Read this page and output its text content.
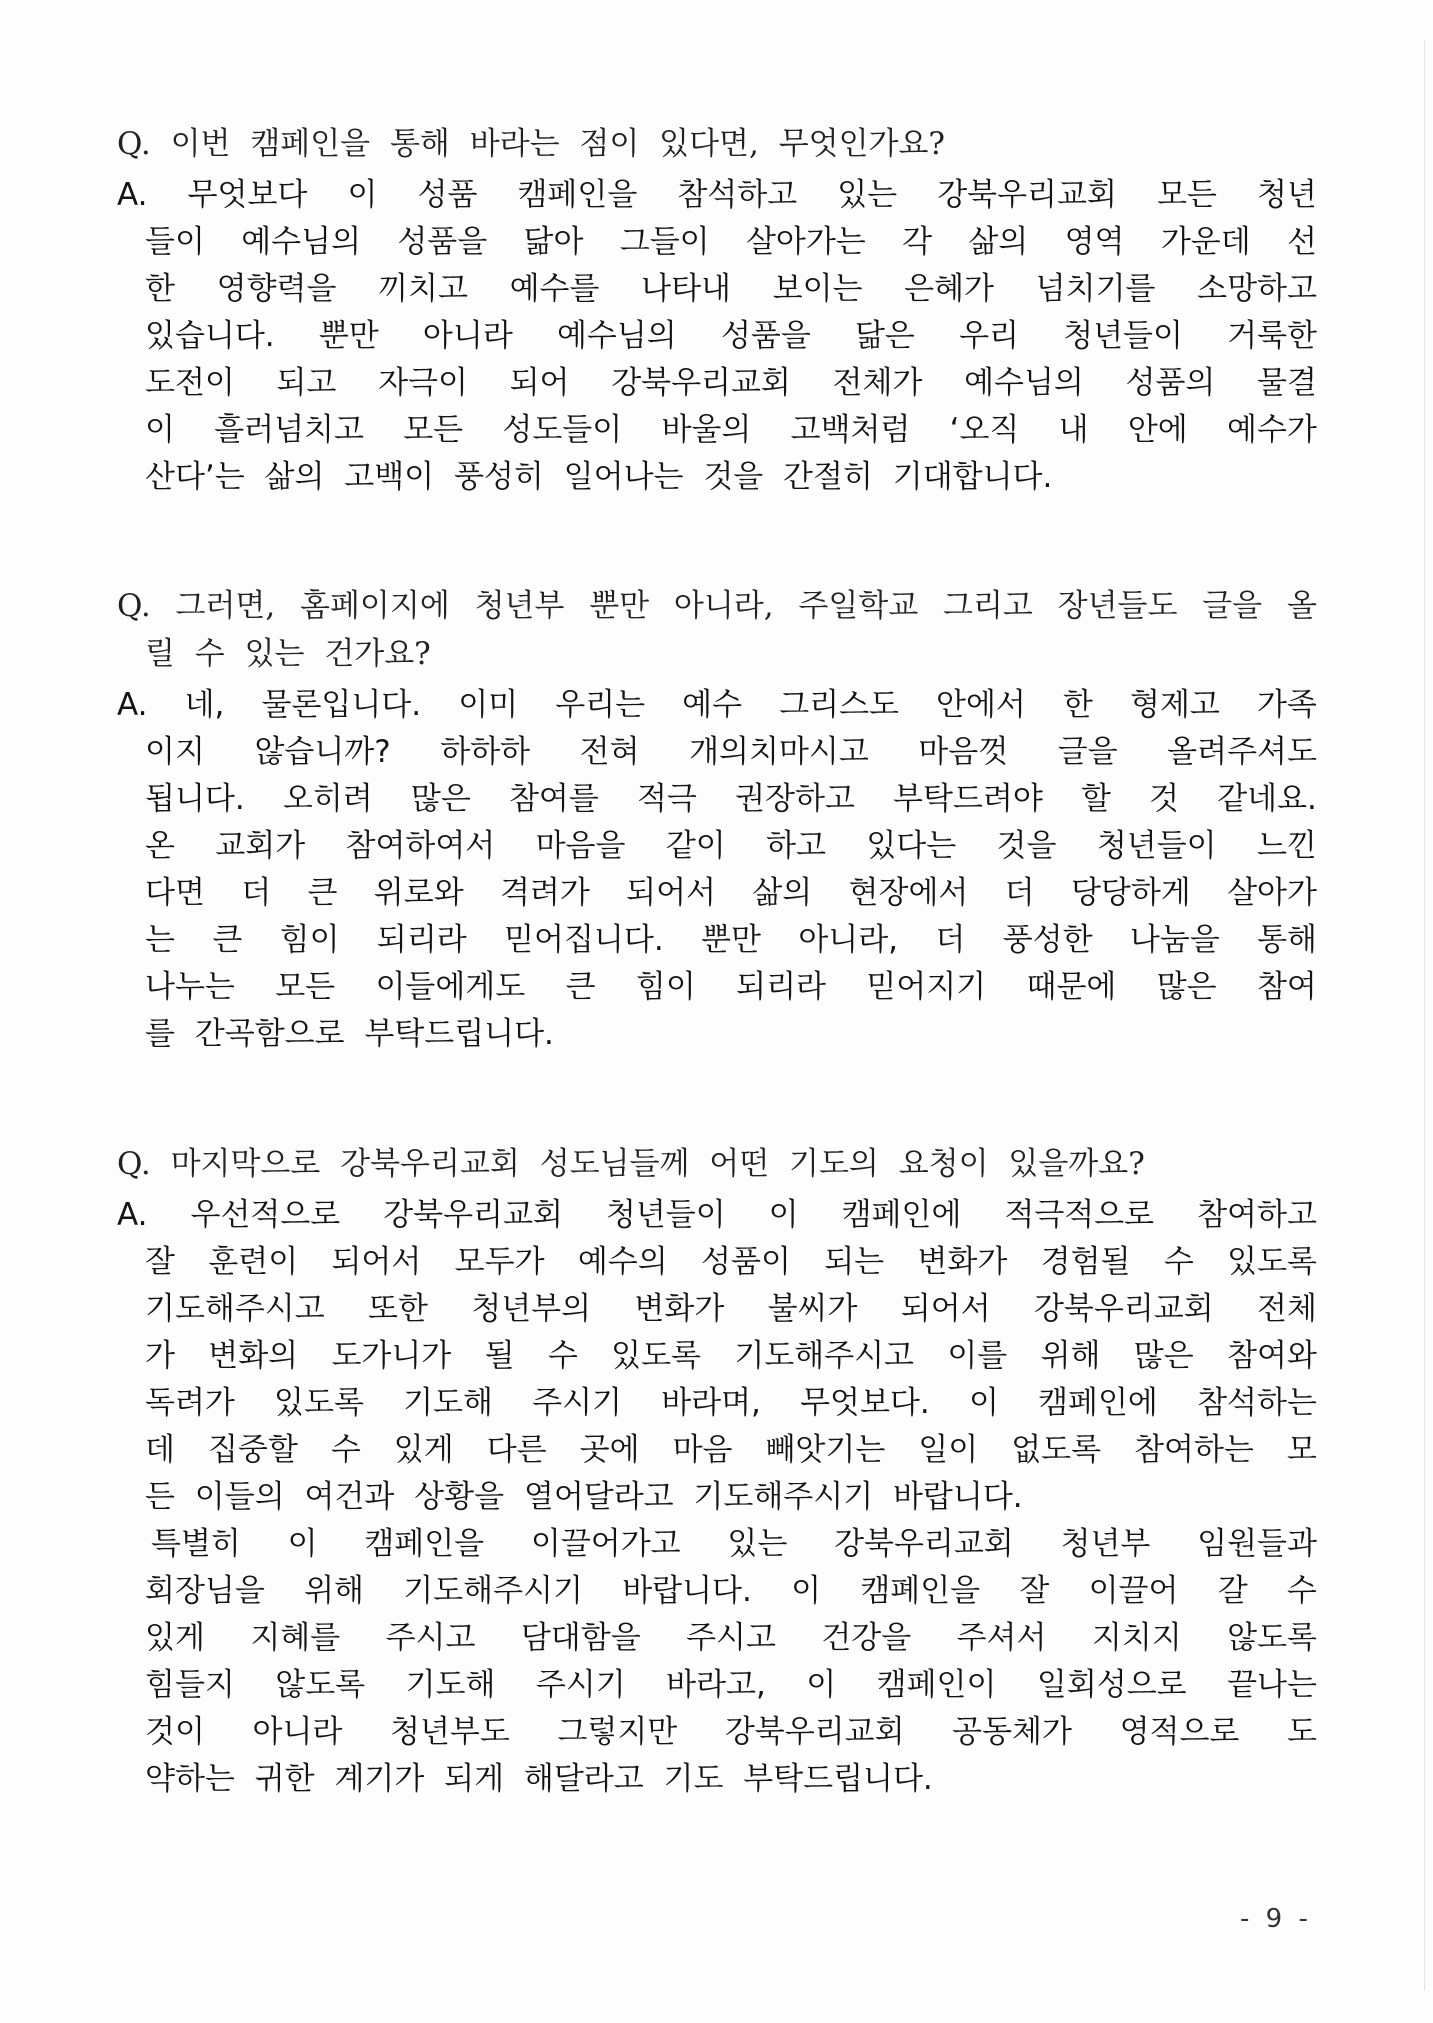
Q. 이번 캠페인을 통해 바라는 점이 있다면, 무엇인가요?
A. 무엇보다 이 성품 캠페인을 참석하고 있는 강북우리교회 모든 청년
들이 예수님의 성품을 닮아 그들이 살아가는 각 삶의 영역 가운데 선
한 영향력을 끼치고 예수를 나타내 보이는 은혜가 넘치기를 소망하고
있습니다. 뿐만 아니라 예수님의 성품을 닮은 우리 청년들이 거룩한
도전이 되고 자극이 되어 강북우리교회 전체가 예수님의 성품의 물결
이 흘러넘치고 모든 성도들이 바울의 고백처럼 ‘오직 내 안에 예수가
산다’는 삶의 고백이 풍성히 일어나는 것을 간절히 기대합니다.
Q. 그러면, 홈페이지에 청년부 뿐만 아니라, 주일학교 그리고 장년들도 글을 올
릴 수 있는 건가요?
A. 네, 물론입니다. 이미 우리는 예수 그리스도 안에서 한 형제고 가족
이지 않습니까? 하하하 전혀 개의치마시고 마음껏 글을 올려주셔도
됩니다. 오히려 많은 참여를 적극 권장하고 부탁드려야 할 것 같네요.
온 교회가 참여하여서 마음을 같이 하고 있다는 것을 청년들이 느낀
다면 더 큰 위로와 격려가 되어서 삶의 현장에서 더 당당하게 살아가
는 큰 힘이 되리라 믿어집니다. 뿐만 아니라, 더 풍성한 나눔을 통해
나누는 모든 이들에게도 큰 힘이 되리라 믿어지기 때문에 많은 참여
를 간곡함으로 부탁드립니다.
Q. 마지막으로 강북우리교회 성도님들께 어떤 기도의 요청이 있을까요?
A. 우선적으로 강북우리교회 청년들이 이 캠페인에 적극적으로 참여하고
잘 훈련이 되어서 모두가 예수의 성품이 되는 변화가 경험될 수 있도록
기도해주시고 또한 청년부의 변화가 불씨가 되어서 강북우리교회 전체
가 변화의 도가니가 될 수 있도록 기도해주시고 이를 위해 많은 참여와
독려가 있도록 기도해 주시기 바라며, 무엇보다. 이 캠페인에 참석하는
데 집중할 수 있게 다른 곳에 마음 빼앗기는 일이 없도록 참여하는 모
든 이들의 여건과 상황을 열어달라고 기도해주시기 바랍니다.
특별히 이 캠페인을 이끌어가고 있는 강북우리교회 청년부 임원들과
회장님을 위해 기도해주시기 바랍니다. 이 캠폐인을 잘 이끌어 갈 수
있게 지혜를 주시고 담대함을 주시고 건강을 주셔서 지치지 않도록
힘들지 않도록 기도해 주시기 바라고, 이 캠페인이 일회성으로 끝나는
것이 아니라 청년부도 그렇지만 강북우리교회 공동체가 영적으로 도
약하는 귀한 계기가 되게 해달라고 기도 부탁드립니다.
- 9 -
